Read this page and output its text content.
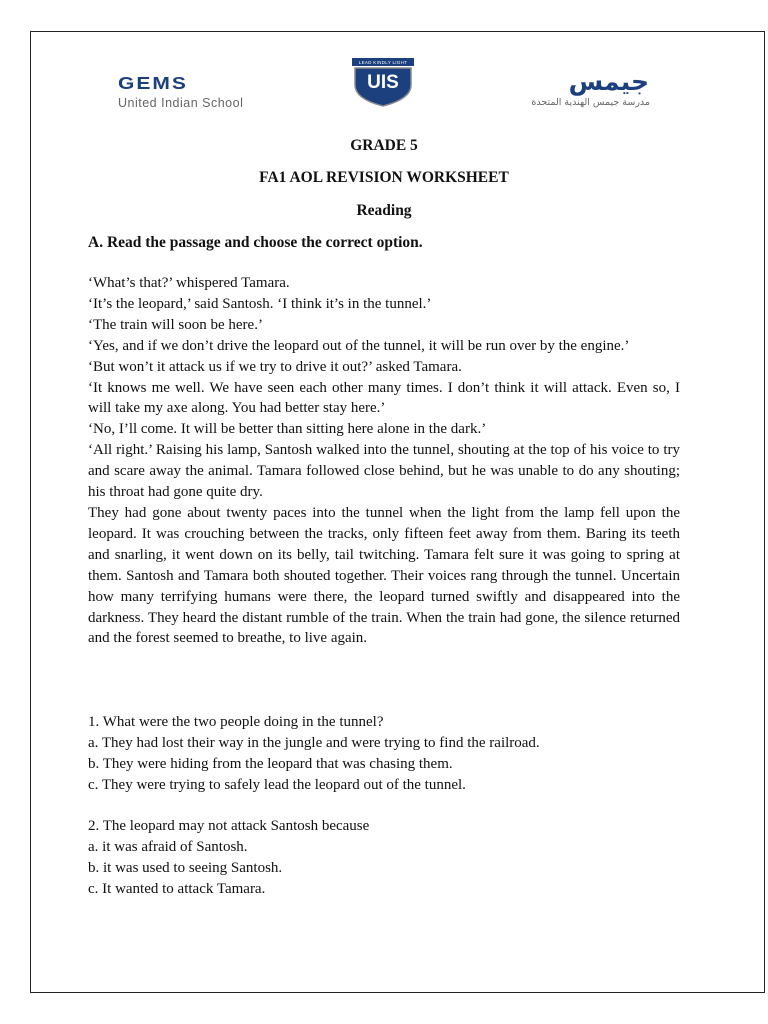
GEMS
United Indian School
LEAD KINDLY LIGHT
UIS	جيمس
مدرسة جيمس الهندية المتحدة
GRADE 5
FA1 AOL REVISION WORKSHEET
Reading
A. Read the passage and choose the correct option.

‘What’s that?’ whispered Tamara.

‘It’s the leopard,’ said Santosh. ‘I think it’s in the tunnel.’

‘The train will soon be here.’

‘Yes, and if we don’t drive the leopard out of the tunnel, it will be run over by the engine.’

‘But won’t it attack us if we try to drive it out?’ asked Tamara.

‘It knows me well. We have seen each other many times. I don’t think it will attack. Even so, I will take my axe along. You had better stay here.’

‘No, I’ll come. It will be better than sitting here alone in the dark.’

‘All right.’ Raising his lamp, Santosh walked into the tunnel, shouting at the top of his voice to try and scare away the animal. Tamara followed close behind, but he was unable to do any shouting; his throat had gone quite dry.

They had gone about twenty paces into the tunnel when the light from the lamp fell upon the leopard. It was crouching between the tracks, only fifteen feet away from them. Baring its teeth and snarling, it went down on its belly, tail twitching. Tamara felt sure it was going to spring at them. Santosh and Tamara both shouted together. Their voices rang through the tunnel. Uncertain how many terrifying humans were there, the leopard turned swiftly and disappeared into the darkness. They heard the distant rumble of the train. When the train had gone, the silence returned and the forest seemed to breathe, to live again.

1. What were the two people doing in the tunnel?

a. They had lost their way in the jungle and were trying to find the railroad.

b. They were hiding from the leopard that was chasing them.

c. They were trying to safely lead the leopard out of the tunnel.

2. The leopard may not attack Santosh because

a. it was afraid of Santosh.

b. it was used to seeing Santosh.

c. It wanted to attack Tamara.
